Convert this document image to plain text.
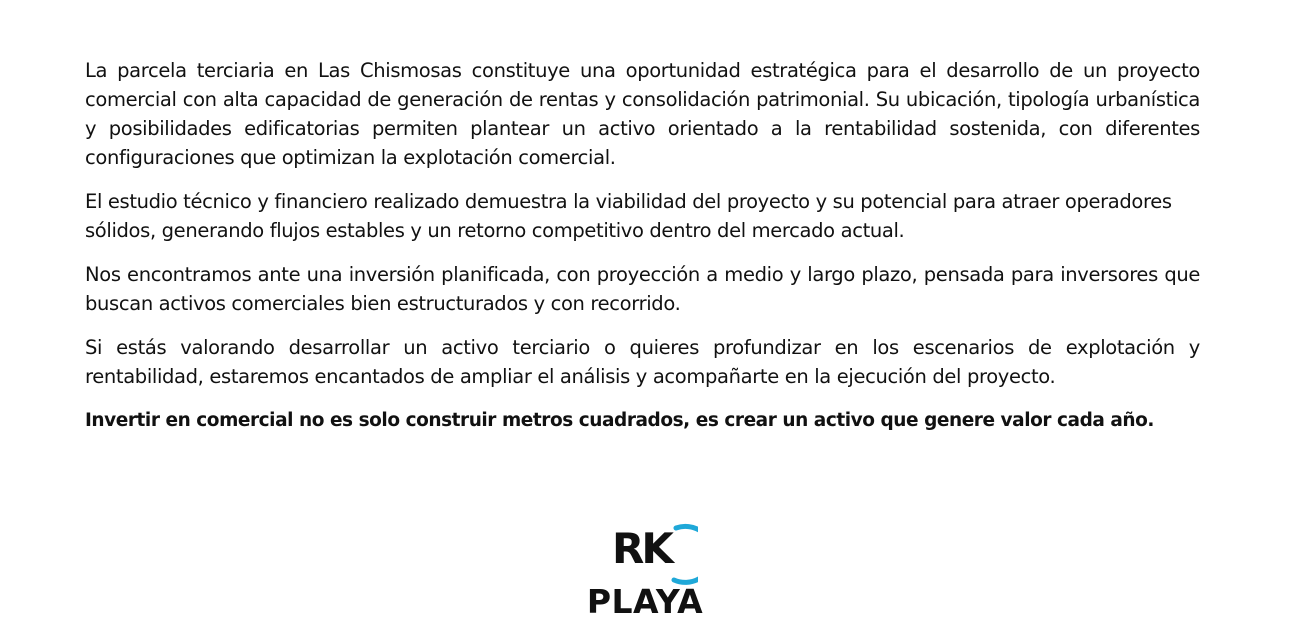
La parcela terciaria en Las Chismosas constituye una oportunidad estratégica para el desarrollo de un proyecto comercial con alta capacidad de generación de rentas y consolidación patrimonial. Su ubicación, tipología urbanística y posibilidades edificatorias permiten plantear un activo orientado a la rentabilidad sostenida, con diferentes configuraciones que optimizan la explotación comercial.

El estudio técnico y financiero realizado demuestra la viabilidad del proyecto y su potencial para atraer operadores sólidos, generando flujos estables y un retorno competitivo dentro del mercado actual.

Nos encontramos ante una inversión planificada, con proyección a medio y largo plazo, pensada para inversores que buscan activos comerciales bien estructurados y con recorrido.

Si estás valorando desarrollar un activo terciario o quieres profundizar en los escenarios de explotación y rentabilidad, estaremos encantados de ampliar el análisis y acompañarte en la ejecución del proyecto.

Invertir en comercial no es solo construir metros cuadrados, es crear un activo que genere valor cada año.

RK
PLAYA
